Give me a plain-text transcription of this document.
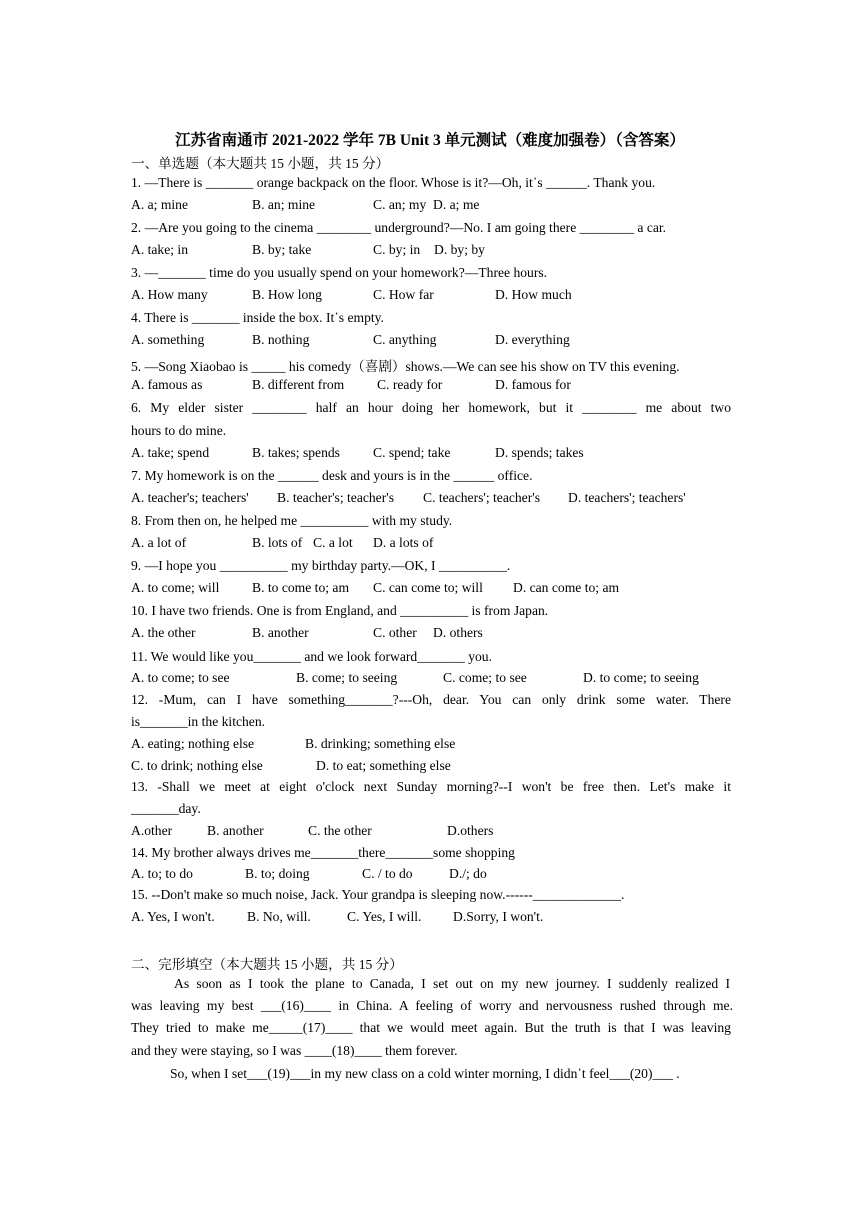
江苏省南通市 2021-2022 学年 7B Unit 3 单元测试（难度加强卷）（含答案）
一、单选题（本大题共 15 小题，共 15 分）
1. —There is _______ orange backpack on the floor. Whose is it?—Oh, it᾽s ______. Thank you.
A. a; mine	B. an; mine	C. an; my D. a; me
2. —Are you going to the cinema ________ underground?—No. I am going there ________ a car.
A. take; in	B. by; take	C. by; in D. by; by
3. —_______ time do you usually spend on your homework?—Three hours.
A. How many	B. How long	C. How far	D. How much
4. There is _______ inside the box. It᾽s empty.
A. something	B. nothing	C. anything	D. everything
5. —Song Xiaobao is _____ his comedy（喜剧）shows.—We can see his show on TV this evening.
A. famous as	B. different from C. ready for	D. famous for
6. My elder sister ________ half an hour doing her homework, but it ________ me about two
hours to do mine.
A. take; spend	B. takes; spends C. spend; take	D. spends; takes
7. My homework is on the ______ desk and yours is in the ______ office.
A. teacher's; teachers' B. teacher's; teacher's C. teachers'; teacher's D. teachers'; teachers'
8. From then on, he helped me __________ with my study.
A. a lot of	B. lots of C. a lot D. a lots of
9. —I hope you __________ my birthday party.—OK, I __________.
A. to come; will B. to come to; am C. can come to; will D. can come to; am
10. I have two friends. One is from England, and __________ is from Japan.
A. the other	B. another	C. other D. others
11. We would like you_______ and we look forward_______ you.
A. to come; to see	B. come; to seeing	C. come; to see	D. to come; to seeing
12. -Mum, can I have something_______?---Oh, dear. You can only drink some water. There
is_______in the kitchen.
A. eating; nothing else	B. drinking; something else
C. to drink; nothing else	D. to eat; something else
13. -Shall we meet at eight o'clock next Sunday morning?--I won't be free then. Let's make it
_______day.
A.other	B. another	C. the other	D.others
14. My brother always drives me_______there_______some shopping
A. to; to do	B. to; doing	C. / to do	D./; do
15. --Don't make so much noise, Jack. Your grandpa is sleeping now.------_____________.
A. Yes, I won't. B. No, will.	C. Yes, I will. D.Sorry, I won't.
二、完形填空（本大题共 15 小题，共 15 分）
As soon as I took the plane to Canada, I set out on my new journey. I suddenly realized I
was leaving my best ___(16)____ in China. A feeling of worry and nervousness rushed through me.
They tried to make me_____(17)____ that we would meet again. But the truth is that I was leaving
and they were staying, so I was ____(18)____ them forever.
So, when I set___(19)___in my new class on a cold winter morning, I didn᾽t feel___(20)___ .
